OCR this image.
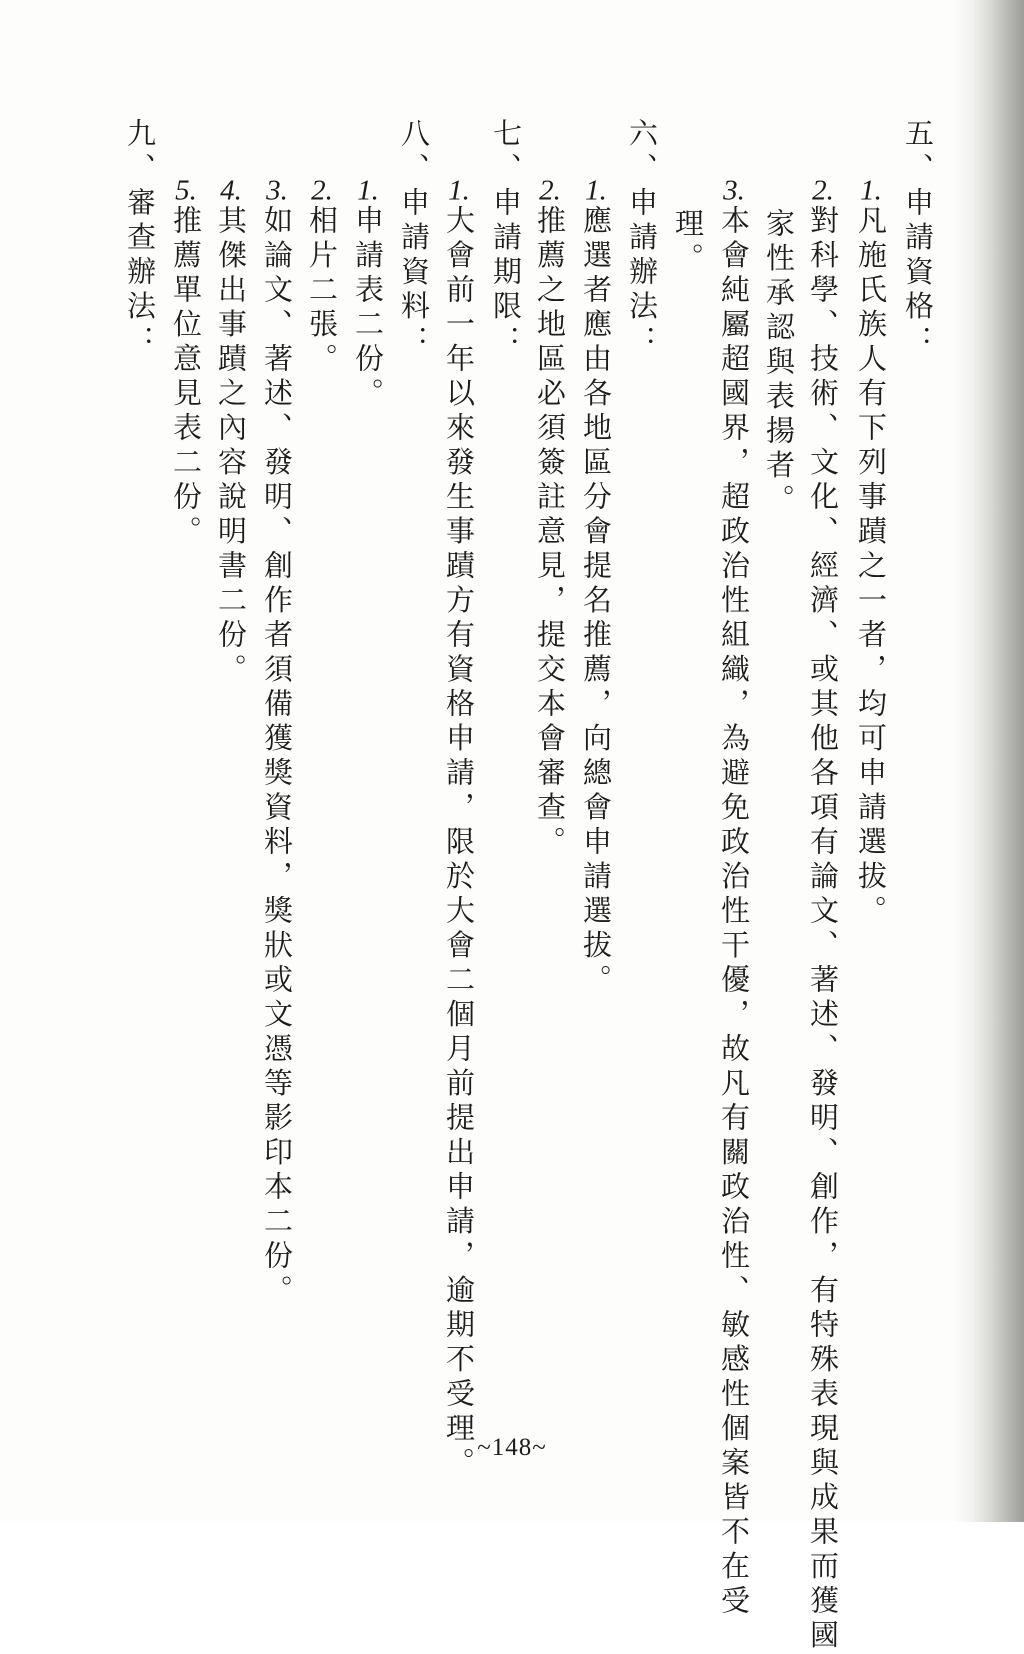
五、申請資格：
1.凡施氏族人有下列事蹟之一者，均可申請選拔。
2.對科學、技術、文化、經濟、或其他各項有論文、著述、發明、創作，有特殊表現與成果而獲國
家性承認與表揚者。
3.本會純屬超國界，超政治性組織，為避免政治性干優，故凡有關政治性、敏感性個案皆不在受
理。
六、申請辦法：
1.應選者應由各地區分會提名推薦，向總會申請選拔。
2.推薦之地區必須簽註意見，提交本會審查。
七、申請期限：
1.大會前一年以來發生事蹟方有資格申請，限於大會二個月前提出申請，逾期不受理。
八、申請資料：
1.申請表二份。
2.相片二張。
3.如論文、著述、發明、創作者須備獲獎資料，獎狀或文憑等影印本二份。
4.其傑出事蹟之內容說明書二份。
5.推薦單位意見表二份。
九、審查辦法：
~148~
